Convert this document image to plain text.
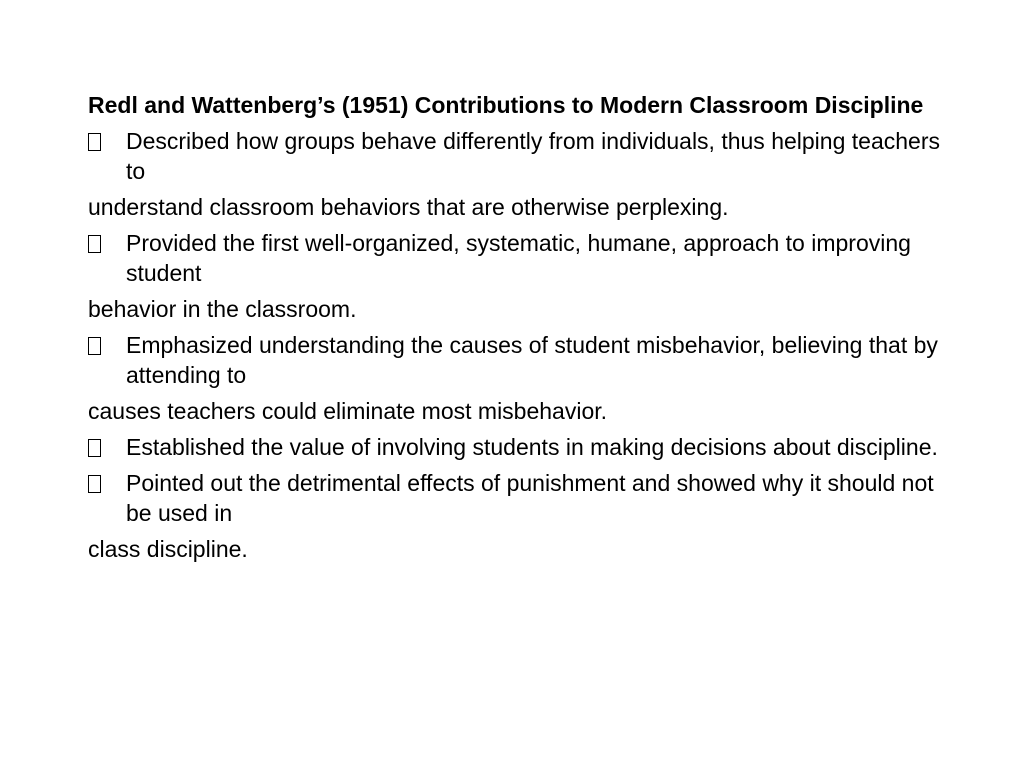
Redl and Wattenberg’s (1951) Contributions to Modern Classroom Discipline
Described how groups behave differently from individuals, thus helping teachers to
understand classroom behaviors that are otherwise perplexing.
Provided the first well-organized, systematic, humane, approach to improving student
behavior in the classroom.
Emphasized understanding the causes of student misbehavior, believing that by attending to
causes teachers could eliminate most misbehavior.
Established the value of involving students in making decisions about discipline.
Pointed out the detrimental effects of punishment and showed why it should not be used in
class discipline.
